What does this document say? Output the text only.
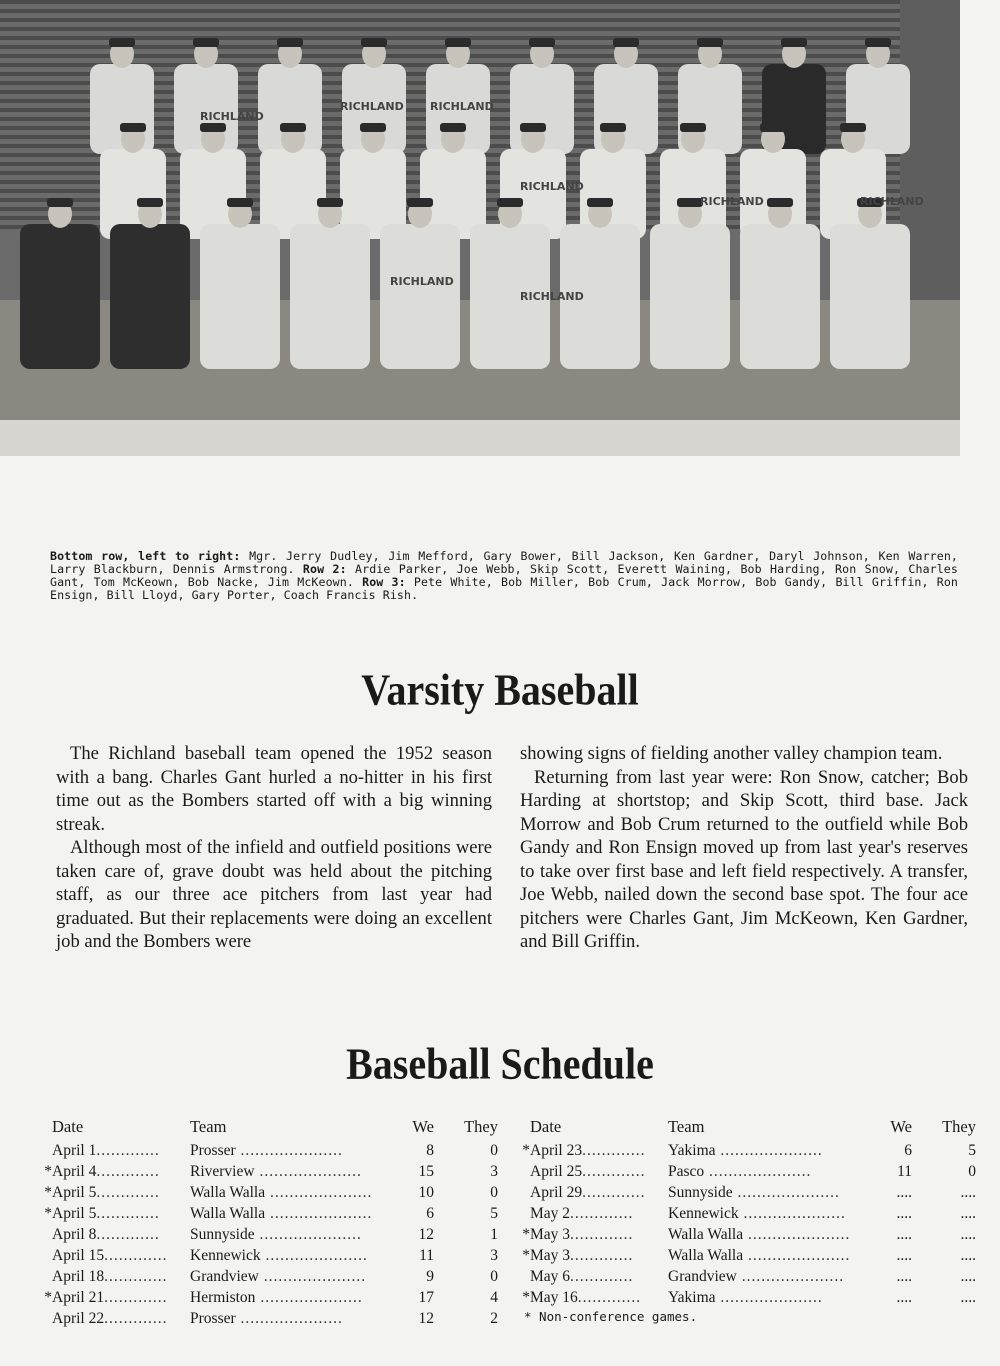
RICHLAND
RICHLAND RICHLAND
RICHLAND
RICHLAND	RICHLAND
RICHLAND
RICHLAND
Bottom row, left to right: Mgr. Jerry Dudley, Jim Mefford, Gary Bower, Bill Jackson, Ken Gardner, Daryl Johnson, Ken Warren, Larry Blackburn, Dennis Armstrong. Row 2: Ardie Parker, Joe Webb, Skip Scott, Everett Waining, Bob Harding, Ron Snow, Charles Gant, Tom McKeown, Bob Nacke, Jim McKeown. Row 3: Pete White, Bob Miller, Bob Crum, Jack Morrow, Bob Gandy, Bill Griffin, Ron Ensign, Bill Lloyd, Gary Porter, Coach Francis Rish.
Varsity Baseball

The Richland baseball team opened the 1952 season with a bang. Charles Gant hurled a no-hitter in his first time out as the Bombers started off with a big winning streak.

Although most of the infield and outfield positions were taken care of, grave doubt was held about the pitching staff, as our three ace pitchers from last year had graduated. But their replacements were doing an excellent job and the Bombers were

showing signs of fielding another valley champion team.

Returning from last year were: Ron Snow, catcher; Bob Harding at shortstop; and Skip Scott, third base. Jack Morrow and Bob Crum returned to the outfield while Bob Gandy and Ron Ensign moved up from last year's reserves to take over first base and left field respectively. A transfer, Joe Webb, nailed down the second base spot. The four ace pitchers were Charles Gant, Jim McKeown, Ken Gardner, and Bill Griffin.

Baseball Schedule
	Date	Team	We	They
	April 1.............	Prosser .....................	8	0
*	April 4.............	Riverview .....................	15	3
*	April 5.............	Walla Walla .....................	10	0
*	April 5.............	Walla Walla .....................	6	5
	April 8.............	Sunnyside .....................	12	1
	April 15.............	Kennewick .....................	11	3
	April 18.............	Grandview .....................	9	0
*	April 21.............	Hermiston .....................	17	4
	April 22.............	Prosser .....................	12	2
	Date	Team	We	They
*	April 23.............	Yakima .....................	6	5
	April 25.............	Pasco .....................	11	0
	April 29.............	Sunnyside .....................	....	....
	May 2.............	Kennewick .....................	....	....
*	May 3.............	Walla Walla .....................	....	....
*	May 3.............	Walla Walla .....................	....	....
	May 6.............	Grandview .....................	....	....
*	May 16.............	Yakima .....................	....	....
* Non-conference games.
